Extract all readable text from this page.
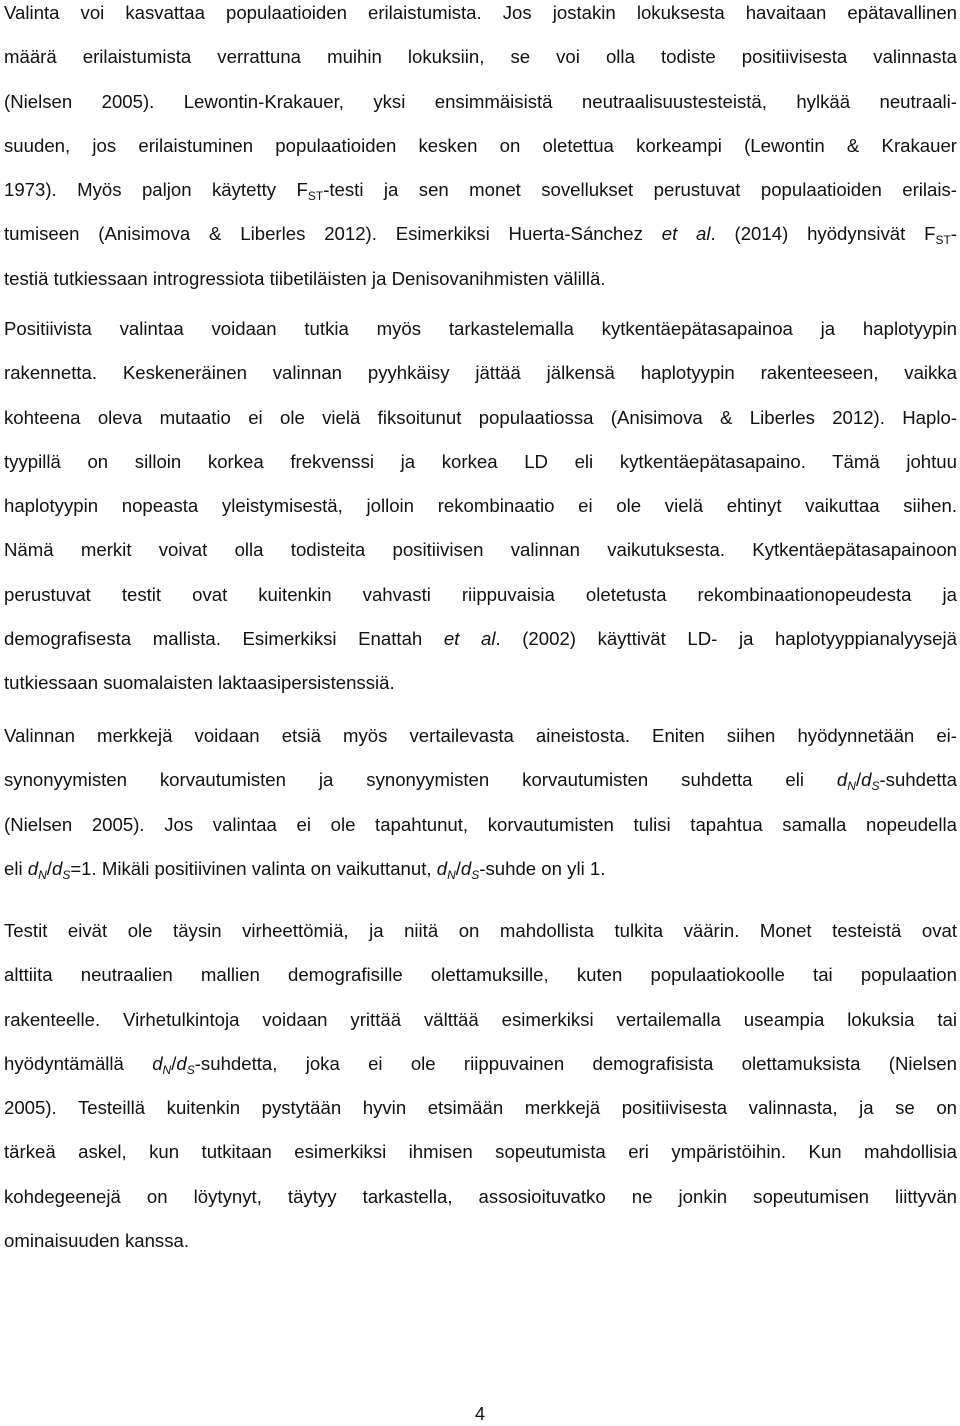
Valinta voi kasvattaa populaatioiden erilaistumista. Jos jostakin lokuksesta havaitaan epätavallinen
määrä erilaistumista verrattuna muihin lokuksiin, se voi olla todiste positiivisesta valinnasta
(Nielsen 2005). Lewontin-Krakauer, yksi ensimmäisistä neutraalisuustesteistä, hylkää neutraali-
suuden, jos erilaistuminen populaatioiden kesken on oletettua korkeampi (Lewontin & Krakauer
1973). Myös paljon käytetty $F_{ST}$-testi ja sen monet sovellukset perustuvat populaatioiden erilais-
tumiseen (Anisimova & Liberles 2012). Esimerkiksi Huerta-Sánchez et al. (2014) hyödynsivät $F_{ST}-$
testiä tutkiessaan introgressiota tiibetiläisten ja Denisovanihmisten välillä.
Positiivista valintaa voidaan tutkia myös tarkastelemalla kytkentäepätasapainoa ja haplotyypin
rakennetta. Keskeneräinen valinnan pyyhkäisy jättää jälkensä haplotyypin rakenteeseen, vaikka
kohteena oleva mutaatio ei ole vielä fiksoitunut populaatiossa (Anisimova & Liberles 2012). Haplo-
tyypillä on silloin korkea frekvenssi ja korkea LD eli kytkentäepätasapaino. Tämä johtuu
haplotyypin nopeasta yleistymisestä, jolloin rekombinaatio ei ole vielä ehtinyt vaikuttaa siihen.
Nämä merkit voivat olla todisteita positiivisen valinnan vaikutuksesta. Kytkentäepätasapainoon
perustuvat testit ovat kuitenkin vahvasti riippuvaisia oletetusta rekombinaationopeudesta ja
demografisesta mallista. Esimerkiksi Enattah et al. (2002) käyttivät LD- ja haplotyyppianalyysejä
tutkiessaan suomalaisten laktaasipersistenssiä.
Valinnan merkkejä voidaan etsiä myös vertailevasta aineistosta. Eniten siihen hyödynnetään ei-
synonyymisten korvautumisten ja synonyymisten korvautumisten suhdetta eli $d_N/d_S$-suhdetta
(Nielsen 2005). Jos valintaa ei ole tapahtunut, korvautumisten tulisi tapahtua samalla nopeudella
eli $d_N/d_S=1$. Mikäli positiivinen valinta on vaikuttanut, $d_N/d_S$-suhde on yli 1.
Testit eivät ole täysin virheettömiä, ja niitä on mahdollista tulkita väärin. Monet testeistä ovat
alttiita neutraalien mallien demografisille olettamuksille, kuten populaatiokoolle tai populaation
rakenteelle. Virhetulkintoja voidaan yrittää välttää esimerkiksi vertailemalla useampia lokuksia tai
hyödyntämällä $d_N/d_S$-suhdetta, joka ei ole riippuvainen demografisista olettamuksista (Nielsen
2005). Testeillä kuitenkin pystytään hyvin etsimään merkkejä positiivisesta valinnasta, ja se on
tärkeä askel, kun tutkitaan esimerkiksi ihmisen sopeutumista eri ympäristöihin. Kun mahdollisia
kohdegeenejä on löytynyt, täytyy tarkastella, assosioituvatko ne jonkin sopeutumisen liittyvän
ominaisuuden kanssa.
4
